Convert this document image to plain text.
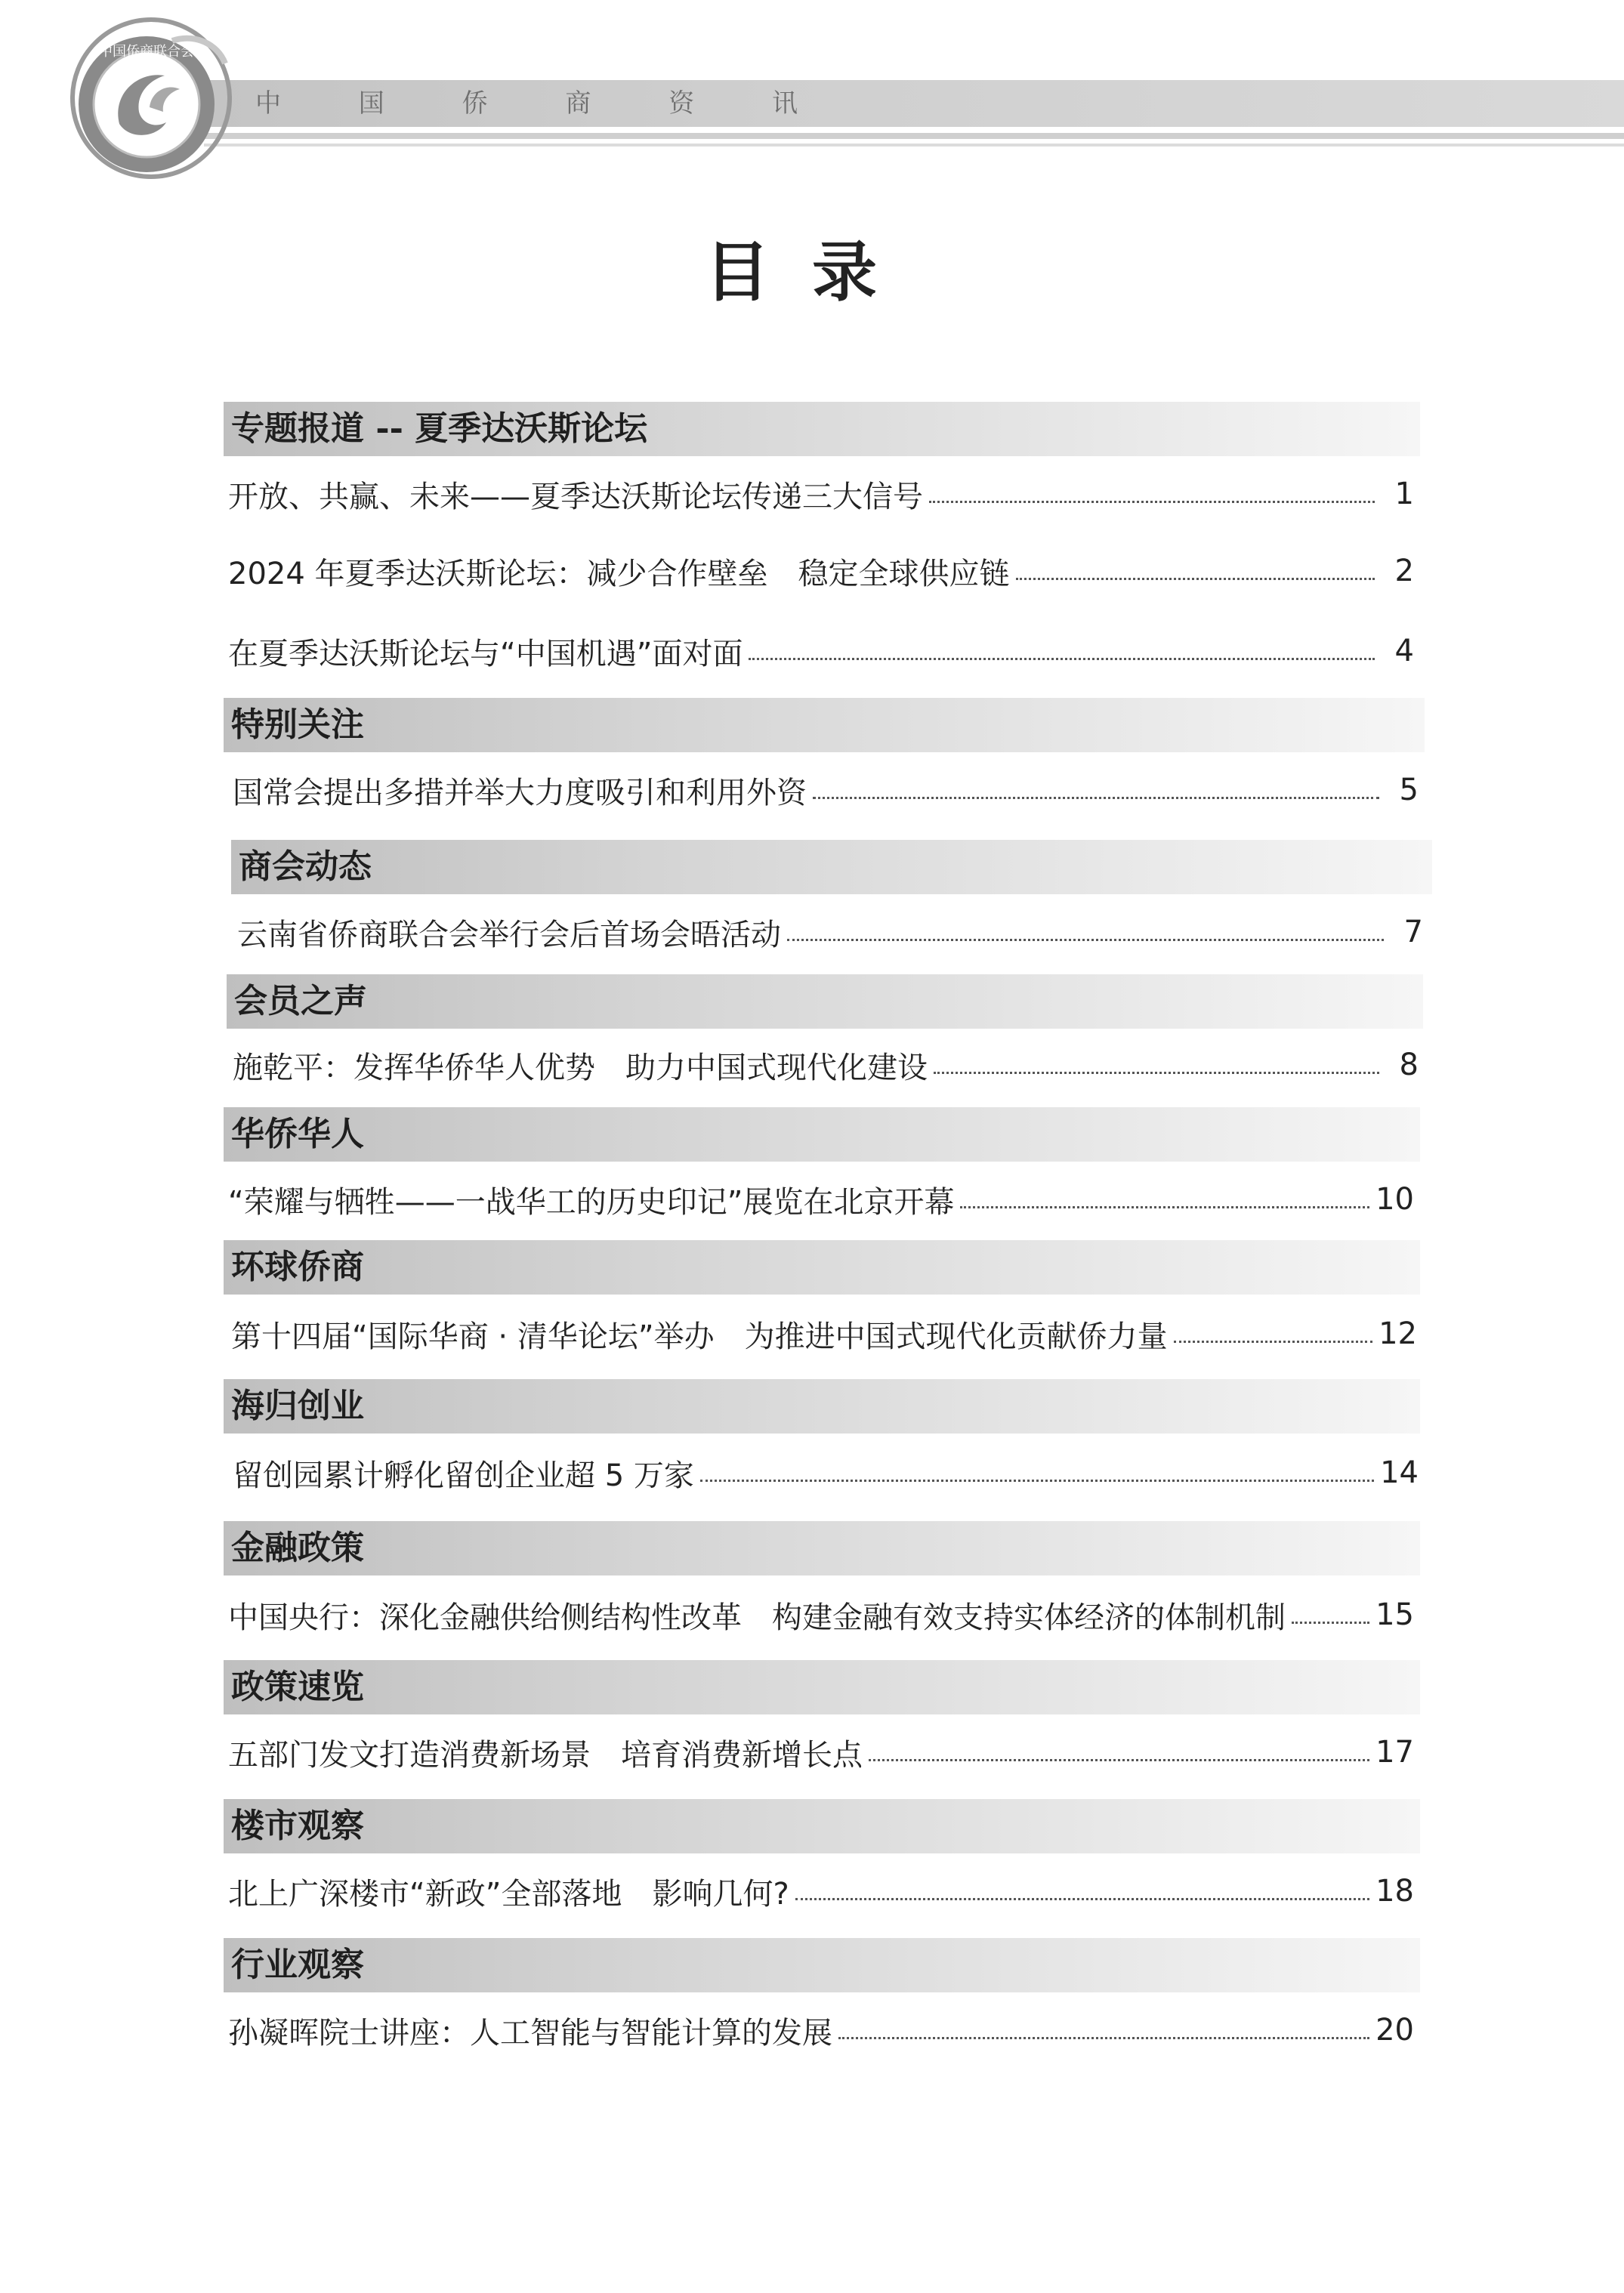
中国侨商联合会
中 国 侨 商 资 讯
目录
专题报道 -- 夏季达沃斯论坛
开放、共赢、未来——夏季达沃斯论坛传递三大信号	1
2024 年夏季达沃斯论坛：减少合作壁垒　稳定全球供应链	2
在夏季达沃斯论坛与“中国机遇”面对面	4
特别关注
国常会提出多措并举大力度吸引和利用外资	5
商会动态
云南省侨商联合会举行会后首场会晤活动	7
会员之声
施乾平：发挥华侨华人优势　助力中国式现代化建设	8
华侨华人
“荣耀与牺牲——一战华工的历史印记”展览在北京开幕	10
环球侨商
第十四届“国际华商 · 清华论坛”举办　为推进中国式现代化贡献侨力量	12
海归创业
留创园累计孵化留创企业超 5 万家	14
金融政策
中国央行：深化金融供给侧结构性改革　构建金融有效支持实体经济的体制机制	15
政策速览
五部门发文打造消费新场景　培育消费新增长点	17
楼市观察
北上广深楼市“新政”全部落地　影响几何?	18
行业观察
孙凝晖院士讲座：人工智能与智能计算的发展	20
